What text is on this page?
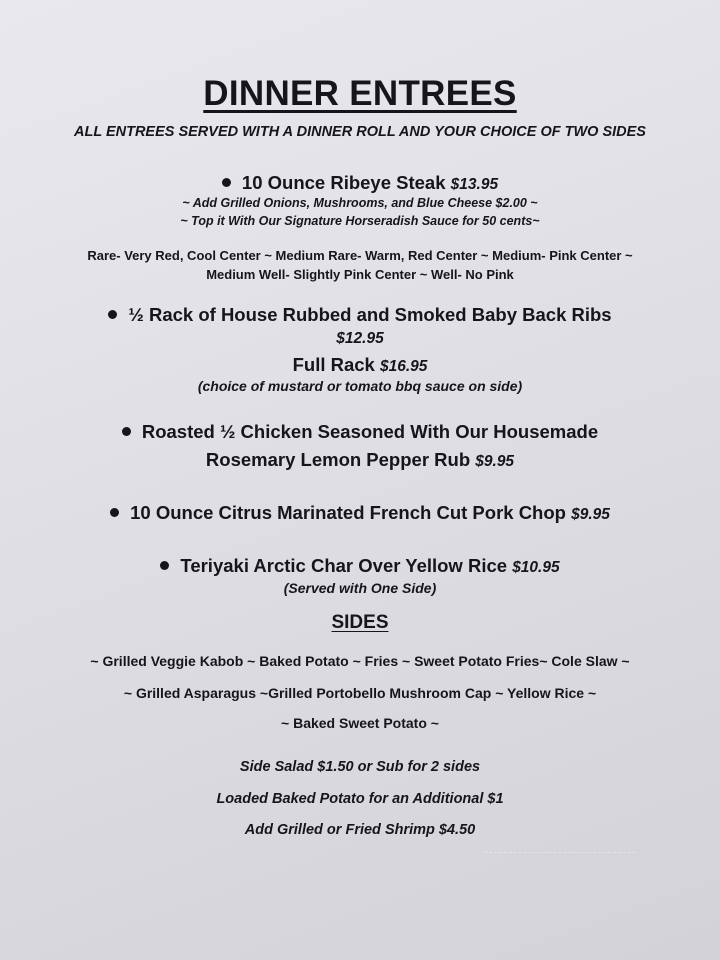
DINNER ENTREES
ALL ENTREES SERVED WITH A DINNER ROLL AND YOUR CHOICE OF TWO SIDES
10 Ounce Ribeye Steak $13.95
~ Add Grilled Onions, Mushrooms, and Blue Cheese $2.00 ~
~ Top it With Our Signature Horseradish Sauce for 50 cents~
Rare- Very Red, Cool Center ~ Medium Rare- Warm, Red Center ~ Medium- Pink Center ~
Medium Well- Slightly Pink Center ~ Well- No Pink
½ Rack of House Rubbed and Smoked Baby Back Ribs
$12.95
Full Rack $16.95
(choice of mustard or tomato bbq sauce on side)
Roasted ½ Chicken Seasoned With Our Housemade
Rosemary Lemon Pepper Rub $9.95
10 Ounce Citrus Marinated French Cut Pork Chop $9.95
Teriyaki Arctic Char Over Yellow Rice $10.95
(Served with One Side)
SIDES
~ Grilled Veggie Kabob ~ Baked Potato ~ Fries ~ Sweet Potato Fries~ Cole Slaw ~
~ Grilled Asparagus ~Grilled Portobello Mushroom Cap ~ Yellow Rice ~
~ Baked Sweet Potato ~
Side Salad $1.50 or Sub for 2 sides
Loaded Baked Potato for an Additional $1
Add Grilled or Fried Shrimp $4.50
